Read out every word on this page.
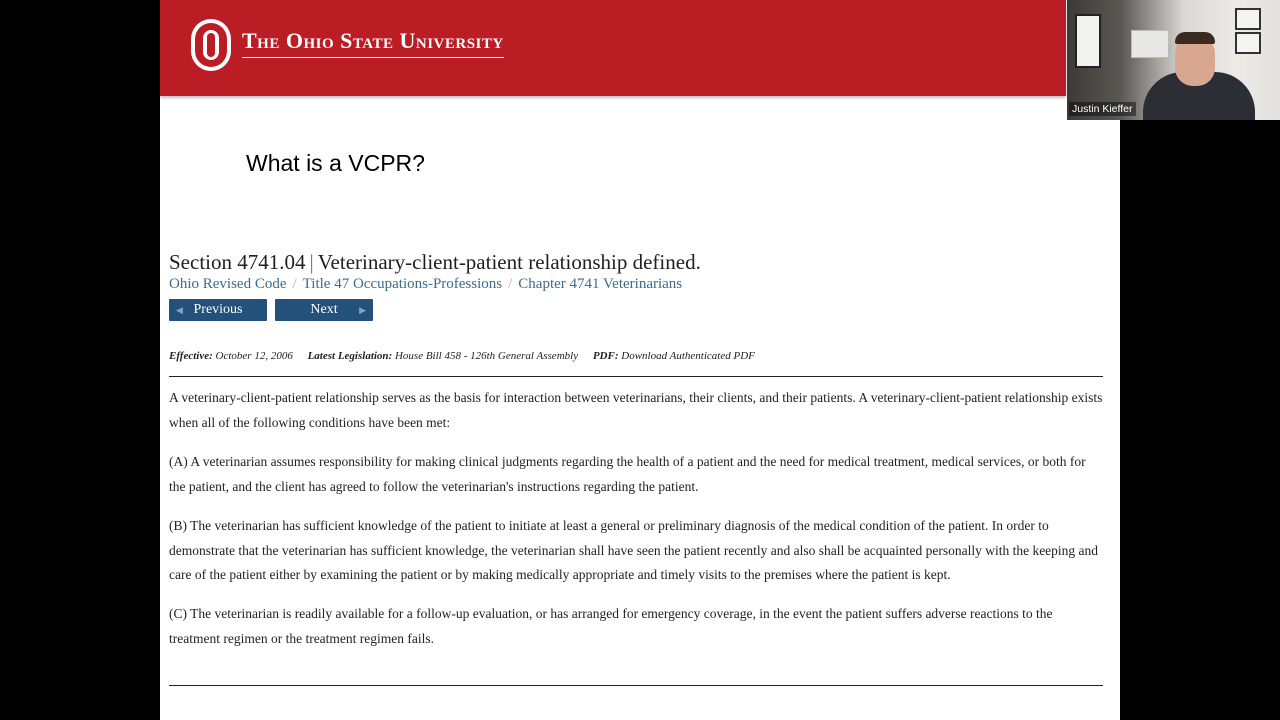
The Ohio State University
What is a VCPR?
Section 4741.04 | Veterinary-client-patient relationship defined.
Ohio Revised Code / Title 47 Occupations-Professions / Chapter 4741 Veterinarians
◀ Previous	Next ▶
Effective: October 12, 2006 Latest Legislation: House Bill 458 - 126th General Assembly PDF: Download Authenticated PDF

A veterinary-client-patient relationship serves as the basis for interaction between veterinarians, their clients, and their patients. A veterinary-client-patient relationship exists when all of the following conditions have been met:

(A) A veterinarian assumes responsibility for making clinical judgments regarding the health of a patient and the need for medical treatment, medical services, or both for the patient, and the client has agreed to follow the veterinarian's instructions regarding the patient.

(B) The veterinarian has sufficient knowledge of the patient to initiate at least a general or preliminary diagnosis of the medical condition of the patient. In order to demonstrate that the veterinarian has sufficient knowledge, the veterinarian shall have seen the patient recently and also shall be acquainted personally with the keeping and care of the patient either by examining the patient or by making medically appropriate and timely visits to the premises where the patient is kept.

(C) The veterinarian is readily available for a follow-up evaluation, or has arranged for emergency coverage, in the event the patient suffers adverse reactions to the treatment regimen or the treatment regimen fails.

Justin Kieffer
